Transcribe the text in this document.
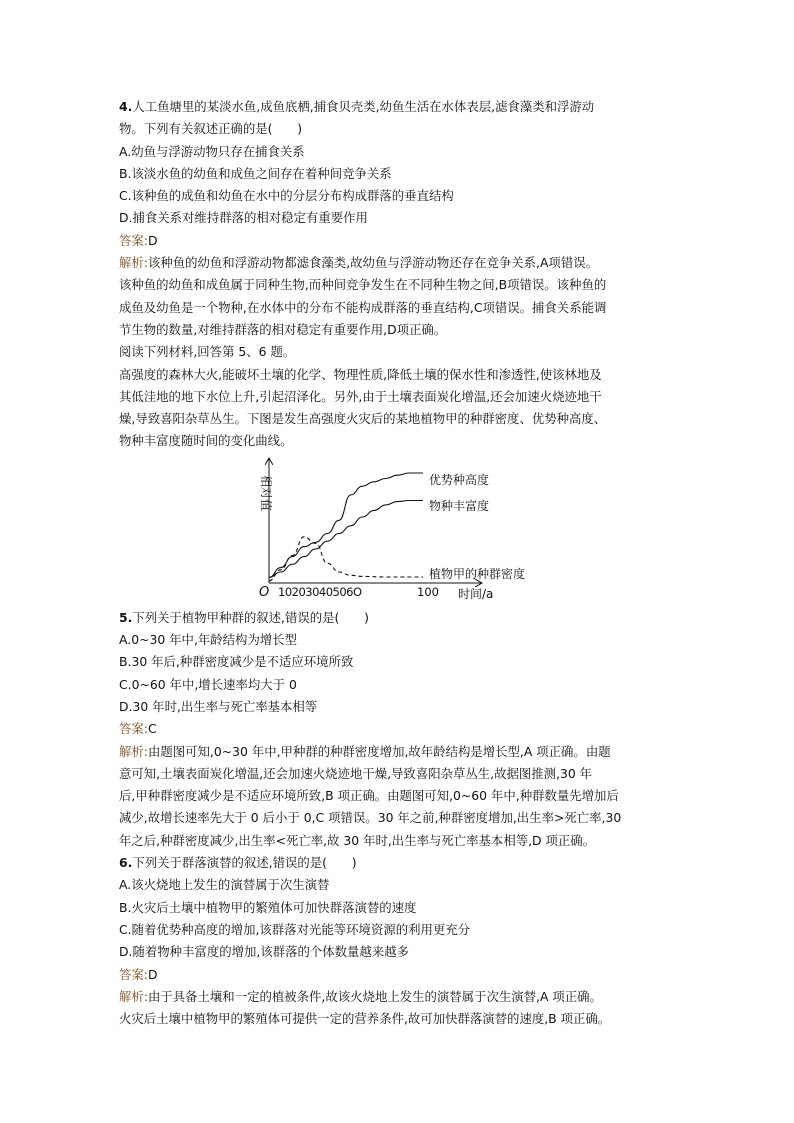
4.人工鱼塘里的某淡水鱼,成鱼底栖,捕食贝壳类,幼鱼生活在水体表层,滤食藻类和浮游动
物。下列有关叙述正确的是(　　)
A.幼鱼与浮游动物只存在捕食关系
B.该淡水鱼的幼鱼和成鱼之间存在着种间竞争关系
C.该种鱼的成鱼和幼鱼在水中的分层分布构成群落的垂直结构
D.捕食关系对维持群落的相对稳定有重要作用
答案:D
解析:该种鱼的幼鱼和浮游动物都滤食藻类,故幼鱼与浮游动物还存在竞争关系,A项错误。
该种鱼的幼鱼和成鱼属于同种生物,而种间竞争发生在不同种生物之间,B项错误。该种鱼的
成鱼及幼鱼是一个物种,在水体中的分布不能构成群落的垂直结构,C项错误。捕食关系能调
节生物的数量,对维持群落的相对稳定有重要作用,D项正确。
阅读下列材料,回答第 5、6 题。
高强度的森林大火,能破坏土壤的化学、物理性质,降低土壤的保水性和渗透性,使该林地及
其低洼地的地下水位上升,引起沼泽化。另外,由于土壤表面炭化增温,还会加速火烧迹地干
燥,导致喜阳杂草丛生。下图是发生高强度火灾后的某地植物甲的种群密度、优势种高度、
物种丰富度随时间的变化曲线。
相对值
O 10203040506O	100 时间/a
优势种高度
物种丰富度
植物甲的种群密度
5.下列关于植物甲种群的叙述,错误的是(　　)
A.0~30 年中,年龄结构为增长型
B.30 年后,种群密度减少是不适应环境所致
C.0~60 年中,增长速率均大于 0
D.30 年时,出生率与死亡率基本相等
答案:C
解析:由题图可知,0~30 年中,甲种群的种群密度增加,故年龄结构是增长型,A 项正确。由题
意可知,土壤表面炭化增温,还会加速火烧迹地干燥,导致喜阳杂草丛生,故据图推测,30 年
后,甲种群密度减少是不适应环境所致,B 项正确。由题图可知,0~60 年中,种群数量先增加后
减少,故增长速率先大于 0 后小于 0,C 项错误。30 年之前,种群密度增加,出生率>死亡率,30
年之后,种群密度减少,出生率<死亡率,故 30 年时,出生率与死亡率基本相等,D 项正确。
6.下列关于群落演替的叙述,错误的是(　　)
A.该火烧地上发生的演替属于次生演替
B.火灾后土壤中植物甲的繁殖体可加快群落演替的速度
C.随着优势种高度的增加,该群落对光能等环境资源的利用更充分
D.随着物种丰富度的增加,该群落的个体数量越来越多
答案:D
解析:由于具备土壤和一定的植被条件,故该火烧地上发生的演替属于次生演替,A 项正确。
火灾后土壤中植物甲的繁殖体可提供一定的营养条件,故可加快群落演替的速度,B 项正确。
